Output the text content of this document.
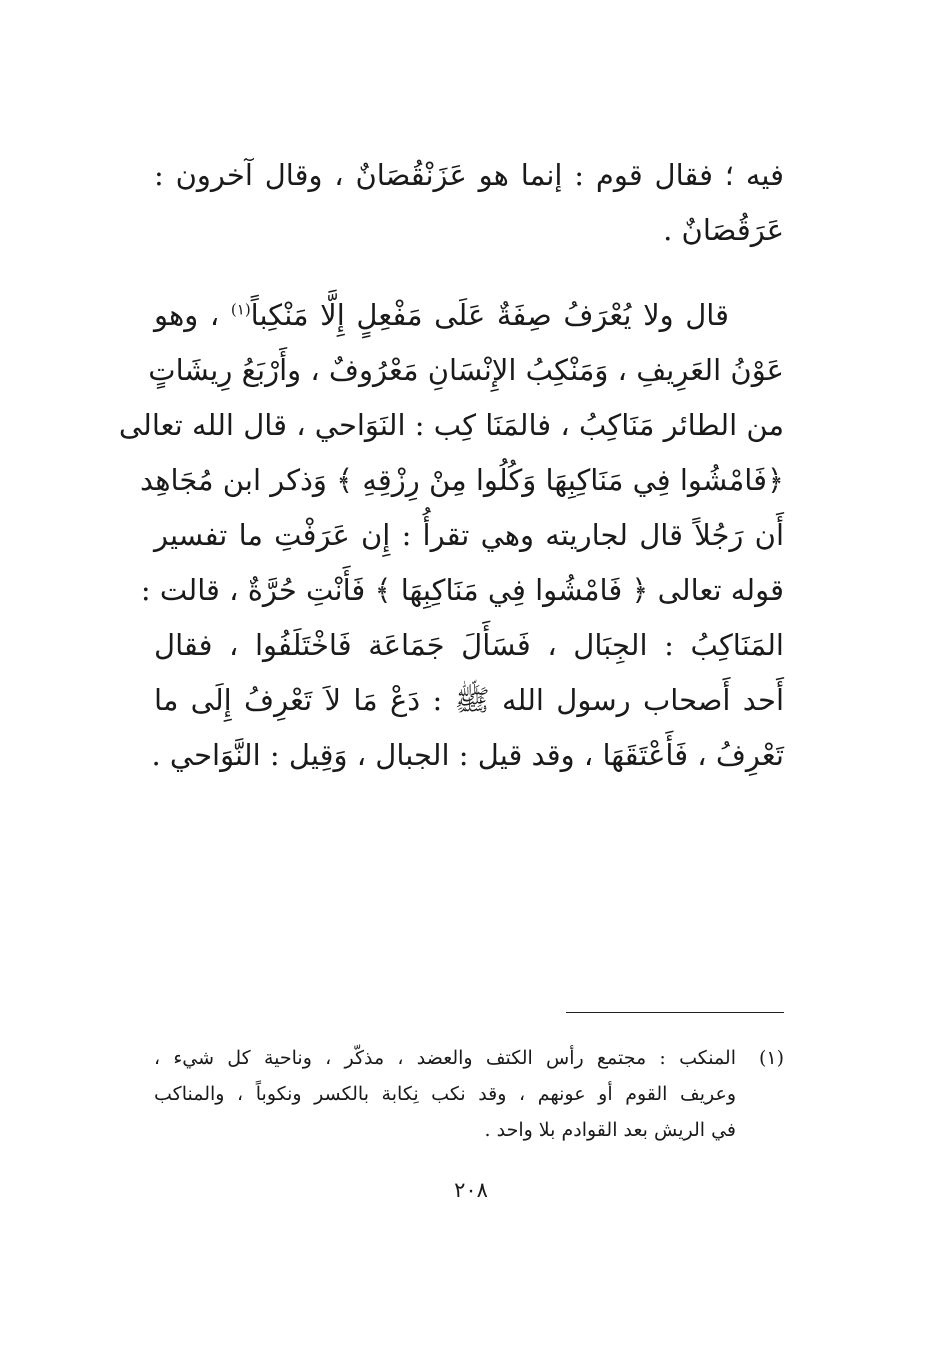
فيه ؛ فقال قوم : إنما هو عَزَنْقُصَانٌ ، وقال آخرون :
عَرَقُصَانٌ .
قال ولا يُعْرَفُ صِفَةٌ عَلَى مَفْعِلٍ إِلَّا مَنْكِباً$^{(١)}$ ، وهو
عَوْنُ العَرِيفِ ، وَمَنْكِبُ الإِنْسَانِ مَعْرُوفٌ ، وأَرْبَعُ رِيشَاتٍ
من الطائر مَنَاكِبُ ، فالمَنَا كِب : النَوَاحي ، قال الله تعالى
﴿فَامْشُوا فِي مَنَاكِبِهَا وَكُلُوا مِنْ رِزْقِهِ ﴾ وَذكر ابن مُجَاهِد
أَن رَجُلاً قال لجاريته وهي تقرأُ : إِن عَرَفْتِ ما تفسير
قوله تعالى ﴿ فَامْشُوا فِي مَنَاكِبِهَا ﴾ فَأَنْتِ حُرَّةٌ ، قالت :
المَنَاكِبُ : الجِبَال ، فَسَأَلَ جَمَاعَة فَاخْتَلَفُوا ، فقال
أَحد أَصحاب رسول الله ﷺ : دَعْ مَا لاَ تَعْرِفُ إِلَى ما
تَعْرِفُ ، فَأَعْتَقَهَا ، وقد قيل : الجبال ، وَقِيل : النَّوَاحي .
(١)
المنكب : مجتمع رأس الكتف والعضد ، مذكّر ، وناحية كل شيء ،
وعريف القوم أو عونهم ، وقد نكب نِكابة بالكسر ونكوباً ، والمناكب
في الريش بعد القوادم بلا واحد .
٢٠٨
